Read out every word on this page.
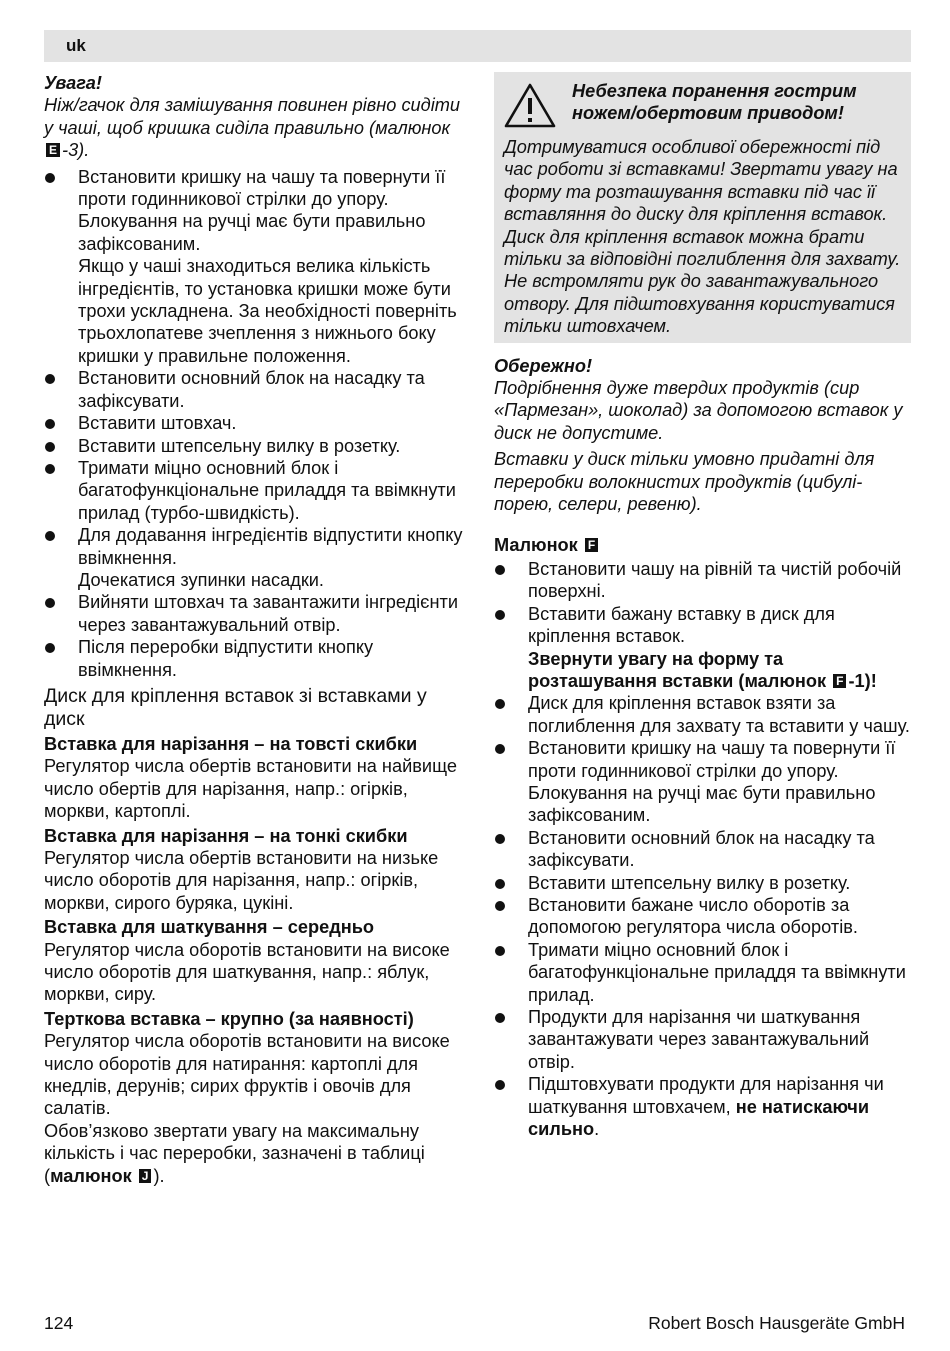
uk

Увага!

Ніж/гачок для замішування повинен рівно сидіти у чаші, щоб кришка сиділа правильно (малюнок E -3).

Встановити кришку на чашу та повернути її проти годинникової стрілки до упору. Блокування на ручці має бути правильно зафіксованим.
Якщо у чаші знаходиться велика кількість інгредієнтів, то установка кришки може бути трохи ускладнена. За необхідності поверніть трьохлопатеве зчеплення з нижнього боку кришки у правильне положення.
Встановити основний блок на насадку та зафіксувати.
Вставити штовхач.
Вставити штепсельну вилку в розетку.
Тримати міцно основний блок і багатофункціональне приладдя та ввімкнути прилад (турбо-швидкість).
Для додавання інгредієнтів відпустити кнопку ввімкнення.
Дочекатися зупинки насадки.
Вийняти штовхач та завантажити інгредієнти через завантажувальний отвір.
Після переробки відпустити кнопку ввімкнення.

Диск для кріплення вставок зі вставками у диск

Вставка для нарізання – на товсті скибки

Регулятор числа обертів встановити на найвище число обертів для нарізання, напр.: огірків, моркви, картоплі.

Вставка для нарізання – на тонкі скибки

Регулятор числа обертів встановити на низьке число оборотів для нарізання, напр.: огірків, моркви, сирого буряка, цукіні.

Вставка для шаткування – середньо

Регулятор числа оборотів встановити на високе число оборотів для шаткування, напр.: яблук, моркви, сиру.

Терткова вставка – крупно (за наявності)

Регулятор числа оборотів встановити на високе число оборотів для натирання: картоплі для кнедлів, дерунів; сирих фруктів і овочів для салатів.

Обов’язково звертати увагу на максимальну кількість і час переробки, зазначені в таблиці (малюнок J ).

Небезпека поранення гострим ножем/обертовим приводом!

Дотримуватися особливої обережності під час роботи зі вставками! Звертати увагу на форму та розташування вставки під час її вставляння до диску для кріплення вставок. Диск для кріплення вставок можна брати тільки за відповідні поглиблення для захвату.
Не встромляти рук до завантажувального отвору. Для підштовхування користуватися тільки штовхачем.

Обережно!

Подрібнення дуже твердих продуктів (сир «Пармезан», шоколад) за допомогою вставок у диск не допустиме.

Вставки у диск тільки умовно придатні для переробки волокнистих продуктів (цибулі-порею, селери, ревеню).

Малюнок F

Встановити чашу на рівній та чистій робочій поверхні.
Вставити бажану вставку в диск для кріплення вставок.
Звернути увагу на форму та розташування вставки (малюнок F -1)!
Диск для кріплення вставок взяти за поглиблення для захвату та вставити у чашу.
Встановити кришку на чашу та повернути її проти годинникової стрілки до упору. Блокування на ручці має бути правильно зафіксованим.
Встановити основний блок на насадку та зафіксувати.
Вставити штепсельну вилку в розетку.
Встановити бажане число оборотів за допомогою регулятора числа оборотів.
Тримати міцно основний блок і багатофункціональне приладдя та ввімкнути прилад.
Продукти для нарізання чи шаткування завантажувати через завантажувальний отвір.
Підштовхувати продукти для нарізання чи шаткування штовхачем, не натискаючи сильно.
124	Robert Bosch Hausgeräte GmbH
